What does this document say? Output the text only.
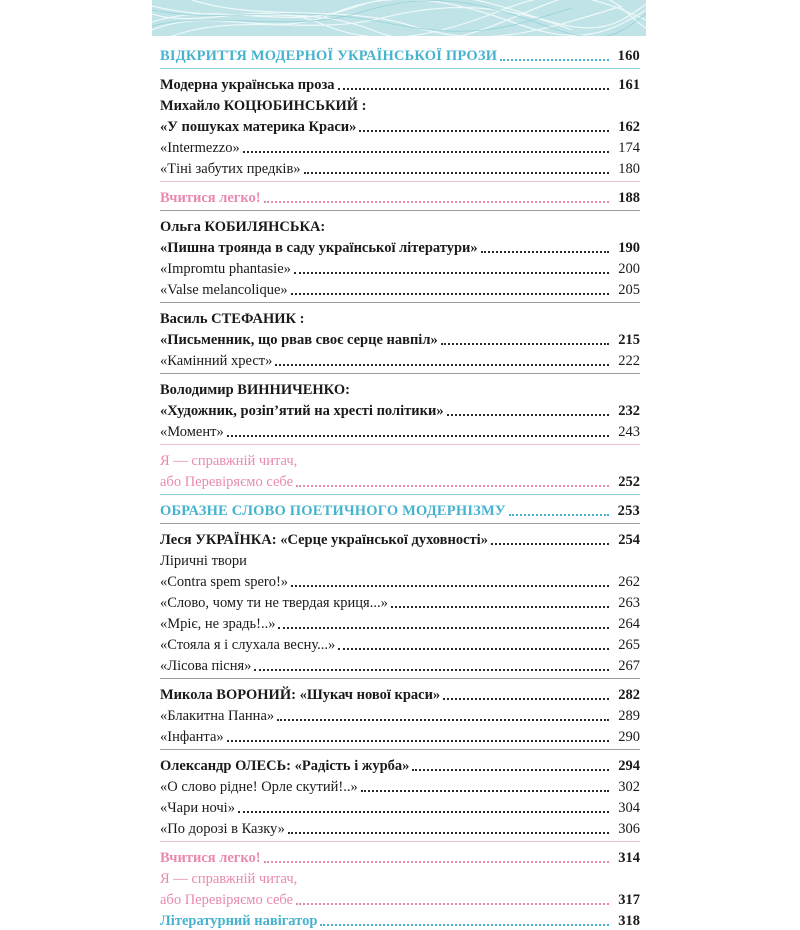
ВІДКРИТТЯ МОДЕРНОЇ УКРАЇНСЬКОЇ ПРОЗИ	160
Модерна українська проза	161
Михайло КОЦЮБИНСЬКИЙ :
«У пошуках материка Краси»	162
«Intermezzo»	174
«Тіні забутих предків»	180
Вчитися легко!	188
Ольга КОБИЛЯНСЬКА:
«Пишна троянда в саду української літератури»	190
«Impromtu phantasie»	200
«Valse melancolique»	205
Василь СТЕФАНИК :
«Письменник, що рвав своє серце навпіл»	215
«Камінний хрест»	222
Володимир ВИННИЧЕНКО:
«Художник, розіп’ятий на хресті політики»	232
«Момент»	243
Я — справжній читач,
або Перевіряємо себе	252
ОБРАЗНЕ СЛОВО ПОЕТИЧНОГО МОДЕРНІЗМУ	253
Леся УКРАЇНКА: «Серце української духовності»	254
Ліричні твори
«Contra spem spero!»	262
«Слово, чому ти не твердая криця...»	263
«Мріє, не зрадь!..»	264
«Стояла я і слухала весну...»	265
«Лісова пісня»	267
Микола ВОРОНИЙ: «Шукач нової краси»	282
«Блакитна Панна»	289
«Інфанта»	290
Олександр ОЛЕСЬ: «Радість і журба»	294
«О слово рідне! Орле скутий!..»	302
«Чари ночі»	304
«По дорозі в Казку»	306
Вчитися легко!	314
Я — справжній читач,
або Перевіряємо себе	317
Літературний навігатор	318
